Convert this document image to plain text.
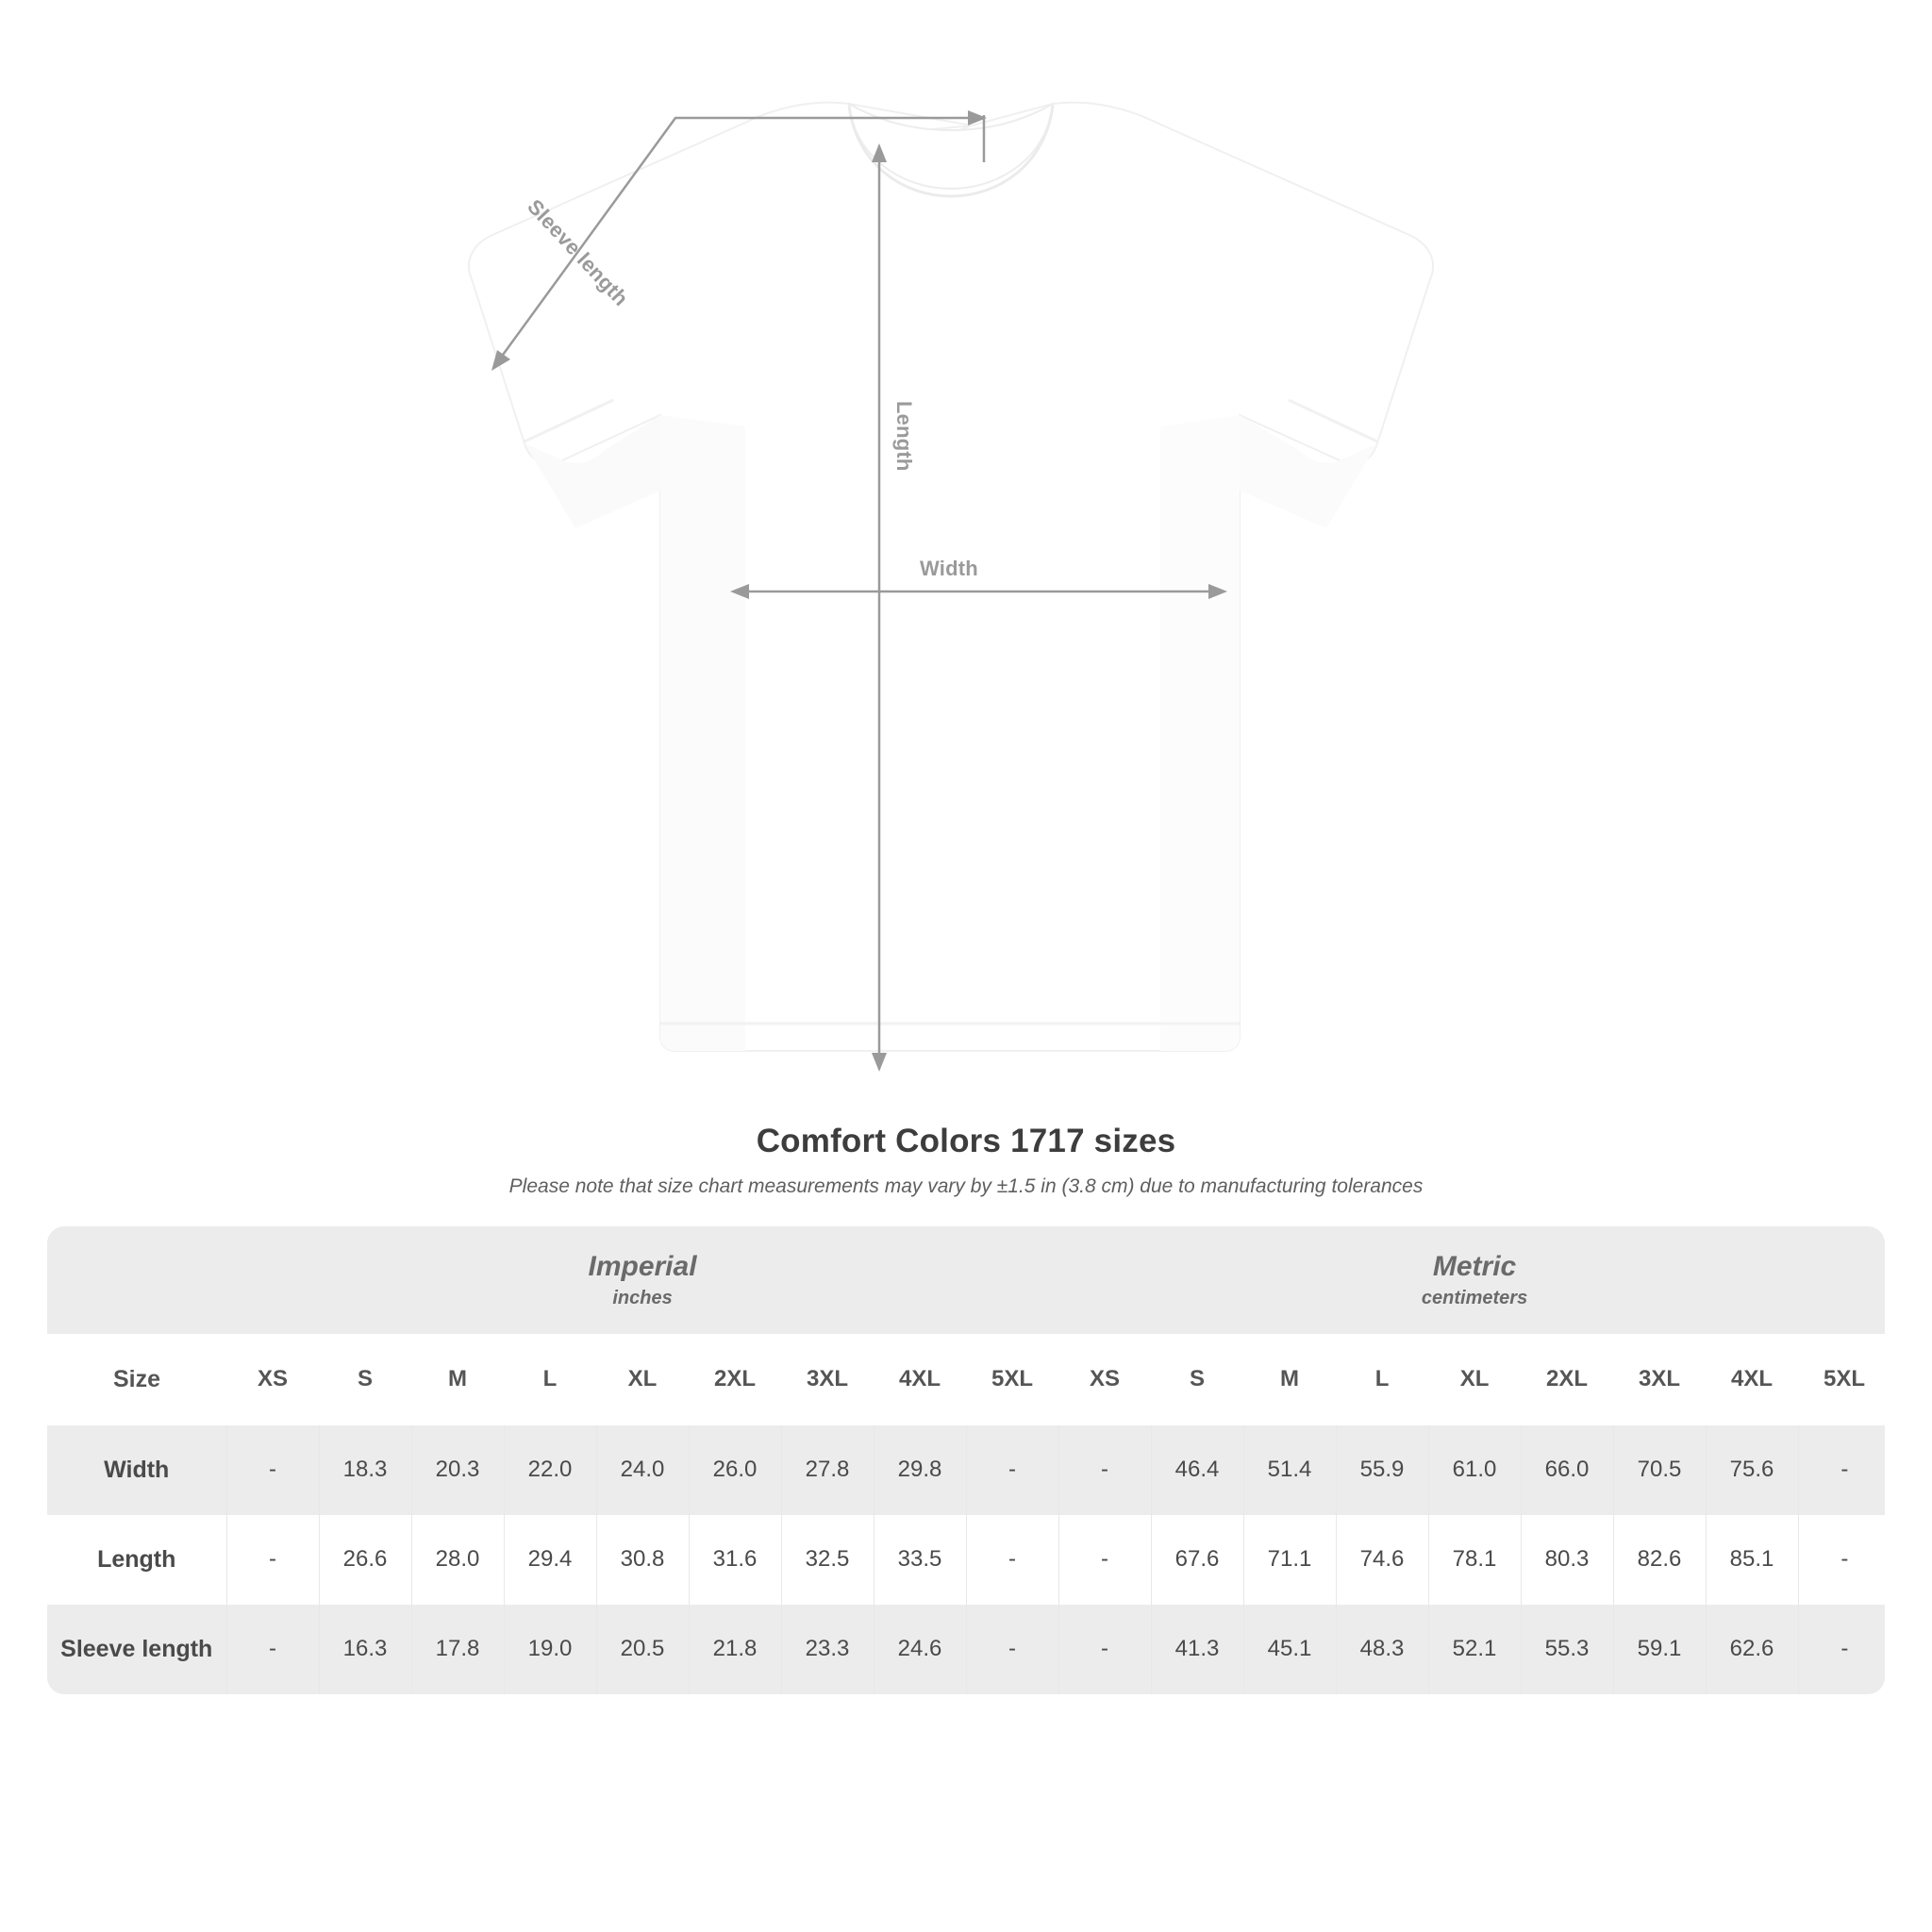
Sleeve length
Length
Width
Comfort Colors 1717 sizes

Please note that size chart measurements may vary by ±1.5 in (3.8 cm) due to manufacturing tolerances

	Imperial
inches									Metric
centimeters								

Size	XS	S	M	L	XL	2XL	3XL	4XL	5XL	XS	S	M	L	XL	2XL	3XL	4XL	5XL
Width	-	18.3	20.3	22.0	24.0	26.0	27.8	29.8	-	-	46.4	51.4	55.9	61.0	66.0	70.5	75.6	-
Length	-	26.6	28.0	29.4	30.8	31.6	32.5	33.5	-	-	67.6	71.1	74.6	78.1	80.3	82.6	85.1	-
Sleeve length	-	16.3	17.8	19.0	20.5	21.8	23.3	24.6	-	-	41.3	45.1	48.3	52.1	55.3	59.1	62.6	-
